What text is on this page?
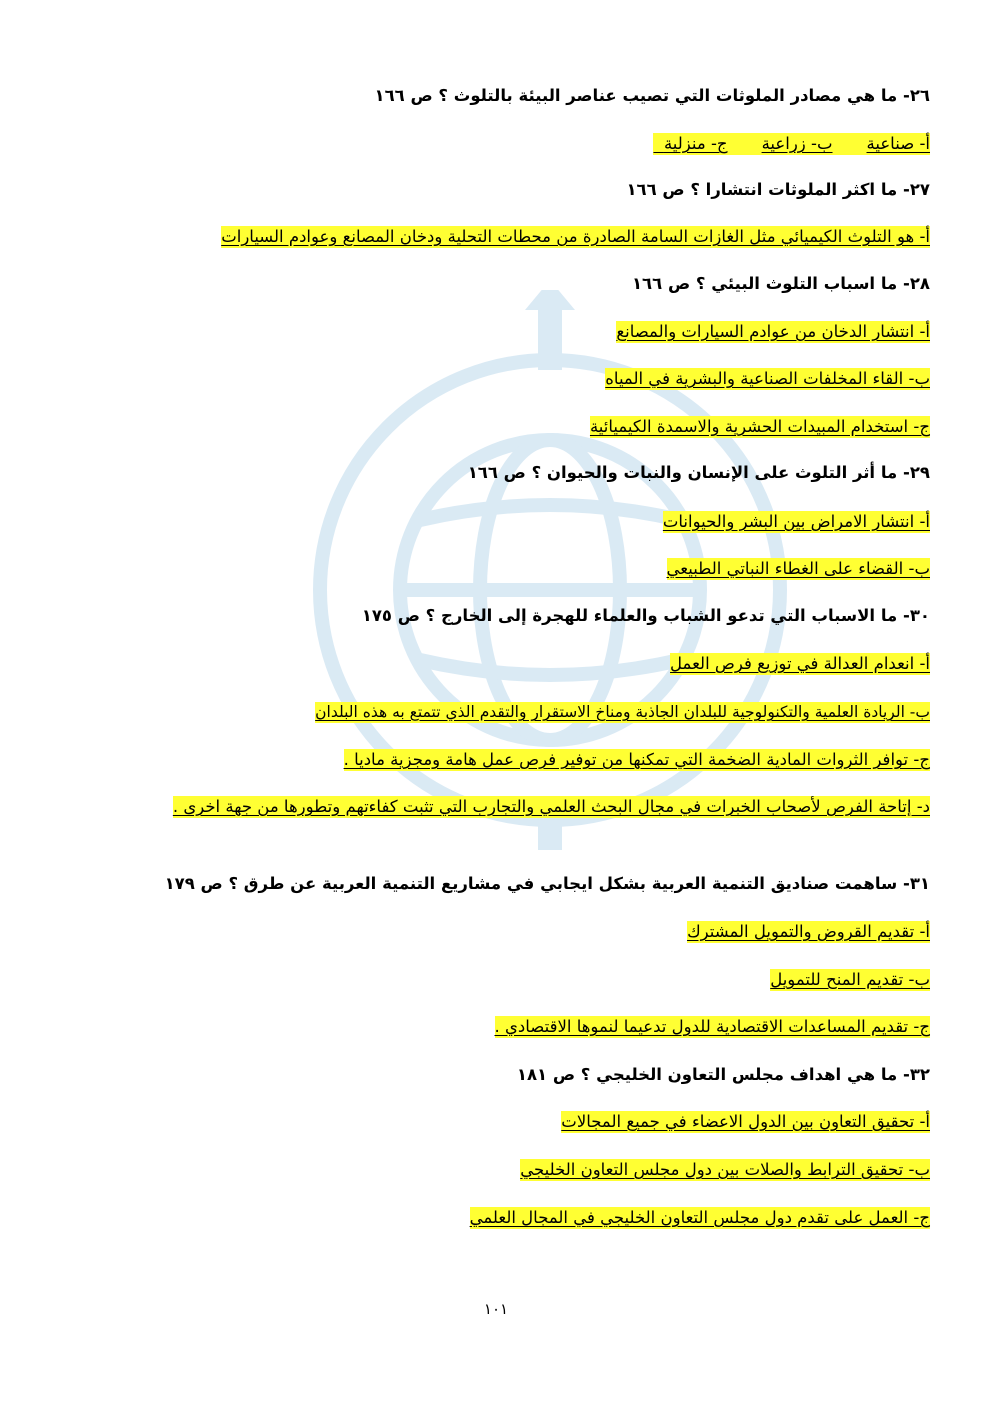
٢٦- ما هي مصادر الملوثات التي تصيب عناصر البيئة بالتلوث ؟ ص ١٦٦
أ- صناعيةب- زراعيةج- منزلية
٢٧- ما اكثر الملوثات انتشارا ؟ ص ١٦٦
أ- هو التلوث الكيميائي مثل الغازات السامة الصادرة من محطات التحلية ودخان المصانع وعوادم السيارات
٢٨- ما اسباب التلوث البيئي ؟ ص ١٦٦
أ- انتشار الدخان من عوادم السيارات والمصانع
ب- القاء المخلفات الصناعية والبشرية في المياه
ج- استخدام المبيدات الحشرية والاسمدة الكيميائية
٢٩- ما أثر التلوث على الإنسان والنبات والحيوان ؟ ص ١٦٦
أ- انتشار الامراض بين البشر والحيوانات
ب- القضاء على الغطاء النباتي الطبيعي
٣٠- ما الاسباب التي تدعو الشباب والعلماء للهجرة إلى الخارج ؟ ص ١٧٥
أ- انعدام العدالة في توزيع فرص العمل
ب- الريادة العلمية والتكنولوجية للبلدان الجاذبة ومناخ الاستقرار والتقدم الذي تتمتع به هذه البلدان
ج- توافر الثروات المادية الضخمة التي تمكنها من توفير فرص عمل هامة ومجزية ماديا .
د- إتاحة الفرص لأصحاب الخبرات في مجال البحث العلمي والتجارب التي تثبت كفاءتهم وتطورها من جهة اخرى .
٣١- ساهمت صناديق التنمية العربية بشكل ايجابي في مشاريع التنمية العربية عن طرق ؟ ص ١٧٩
أ- تقديم القروض والتمويل المشترك
ب- تقديم المنح للتمويل
ج- تقديم المساعدات الاقتصادية للدول تدعيما لنموها الاقتصادي .
٣٢- ما هي اهداف مجلس التعاون الخليجي ؟ ص ١٨١
أ- تحقيق التعاون بين الدول الاعضاء في جميع المجالات
ب- تحقيق الترابط والصلات بين دول مجلس التعاون الخليجي
ج- العمل على تقدم دول مجلس التعاون الخليجي في المجال العلمي
١٠١
